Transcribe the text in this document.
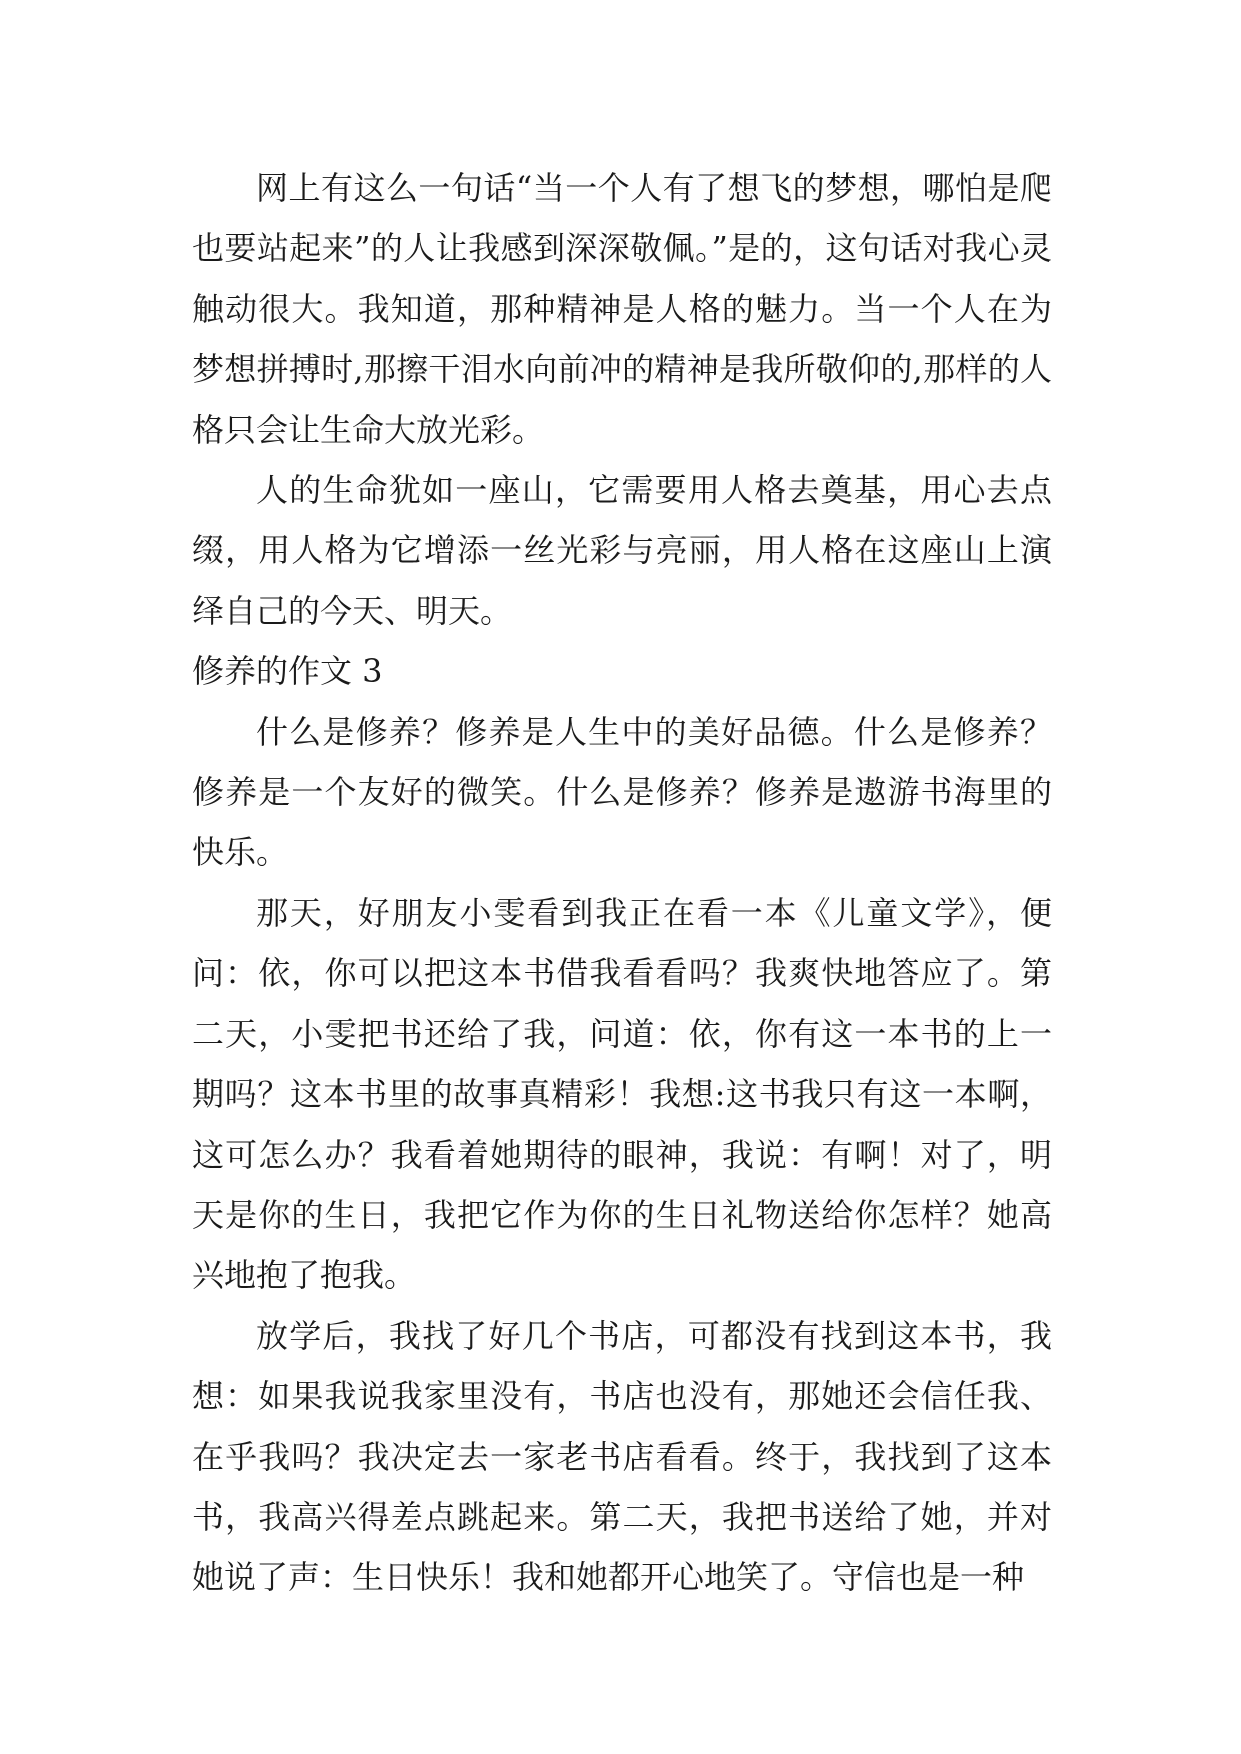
网上有这么一句话“当一个人有了想飞的梦想，哪怕是爬也要站起来”的人让我感到深深敬佩。”是的，这句话对我心灵触动很大。我知道，那种精神是人格的魅力。当一个人在为梦想拼搏时,那擦干泪水向前冲的精神是我所敬仰的,那样的人格只会让生命大放光彩。

人的生命犹如一座山，它需要用人格去奠基，用心去点缀，用人格为它增添一丝光彩与亮丽，用人格在这座山上演绎自己的今天、明天。

修养的作文 3

什么是修养？修养是人生中的美好品德。什么是修养？修养是一个友好的微笑。什么是修养？修养是遨游书海里的快乐。

那天，好朋友小雯看到我正在看一本《儿童文学》，便问：依，你可以把这本书借我看看吗？我爽快地答应了。第二天，小雯把书还给了我，问道：依，你有这一本书的上一期吗？这本书里的故事真精彩！我想:这书我只有这一本啊，这可怎么办？我看着她期待的眼神，我说：有啊！对了，明天是你的生日，我把它作为你的生日礼物送给你怎样？她高兴地抱了抱我。

放学后，我找了好几个书店，可都没有找到这本书，我想：如果我说我家里没有，书店也没有，那她还会信任我、在乎我吗？我决定去一家老书店看看。终于，我找到了这本书，我高兴得差点跳起来。第二天，我把书送给了她，并对她说了声：生日快乐！我和她都开心地笑了。守信也是一种
